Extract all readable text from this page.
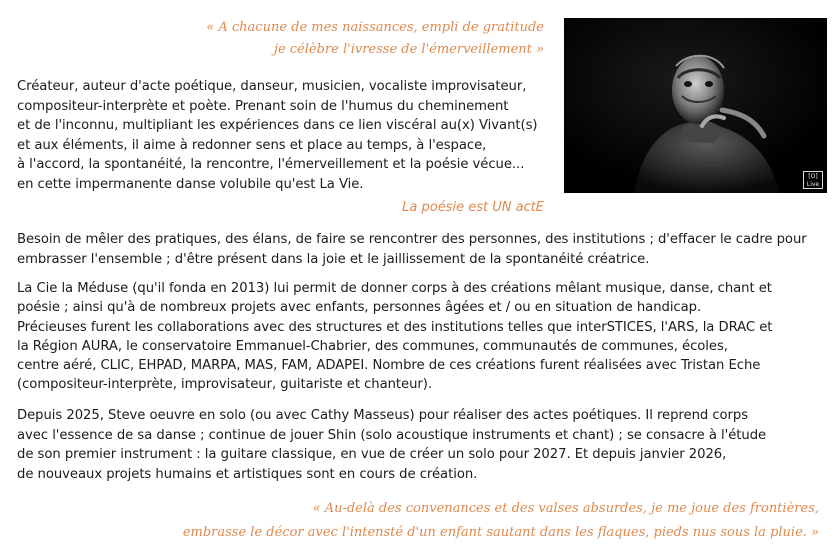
« A chacune de mes naissances, empli de gratitude
je célèbre l'ivresse de l'émerveillement »
Créateur, auteur d'acte poétique, danseur, musicien, vocaliste improvisateur,
compositeur-interprète et poète. Prenant soin de l'humus du cheminement
et de l'inconnu, multipliant les expériences dans ce lien viscéral au(x) Vivant(s)
et aux éléments, il aime à redonner sens et place au temps, à l'espace,
à l'accord, la spontanéité, la rencontre, l'émerveillement et la poésie vécue...
en cette impermanente danse volubile qu'est La Vie.
La poésie est UN actE
[O]
Live
Besoin de mêler des pratiques, des élans, de faire se rencontrer des personnes, des institutions ; d'effacer le cadre pour
embrasser l'ensemble ; d'être présent dans la joie et le jaillissement de la spontanéité créatrice.
La Cie la Méduse (qu'il fonda en 2013) lui permit de donner corps à des créations mêlant musique, danse, chant et
poésie ; ainsi qu'à de nombreux projets avec enfants, personnes âgées et / ou en situation de handicap.
Précieuses furent les collaborations avec des structures et des institutions telles que interSTICES, l'ARS, la DRAC et
la Région AURA, le conservatoire Emmanuel-Chabrier, des communes, communautés de communes, écoles,
centre aéré, CLIC, EHPAD, MARPA, MAS, FAM, ADAPEI. Nombre de ces créations furent réalisées avec Tristan Eche
(compositeur-interprète, improvisateur, guitariste et chanteur).
Depuis 2025, Steve oeuvre en solo (ou avec Cathy Masseus) pour réaliser des actes poétiques. Il reprend corps
avec l'essence de sa danse ; continue de jouer Shin (solo acoustique instruments et chant) ; se consacre à l'étude
de son premier instrument : la guitare classique, en vue de créer un solo pour 2027. Et depuis janvier 2026,
de nouveaux projets humains et artistiques sont en cours de création.
« Au-delà des convenances et des valses absurdes, je me joue des frontières,
embrasse le décor avec l'intensté d'un enfant sautant dans les flaques, pieds nus sous la pluie. »
